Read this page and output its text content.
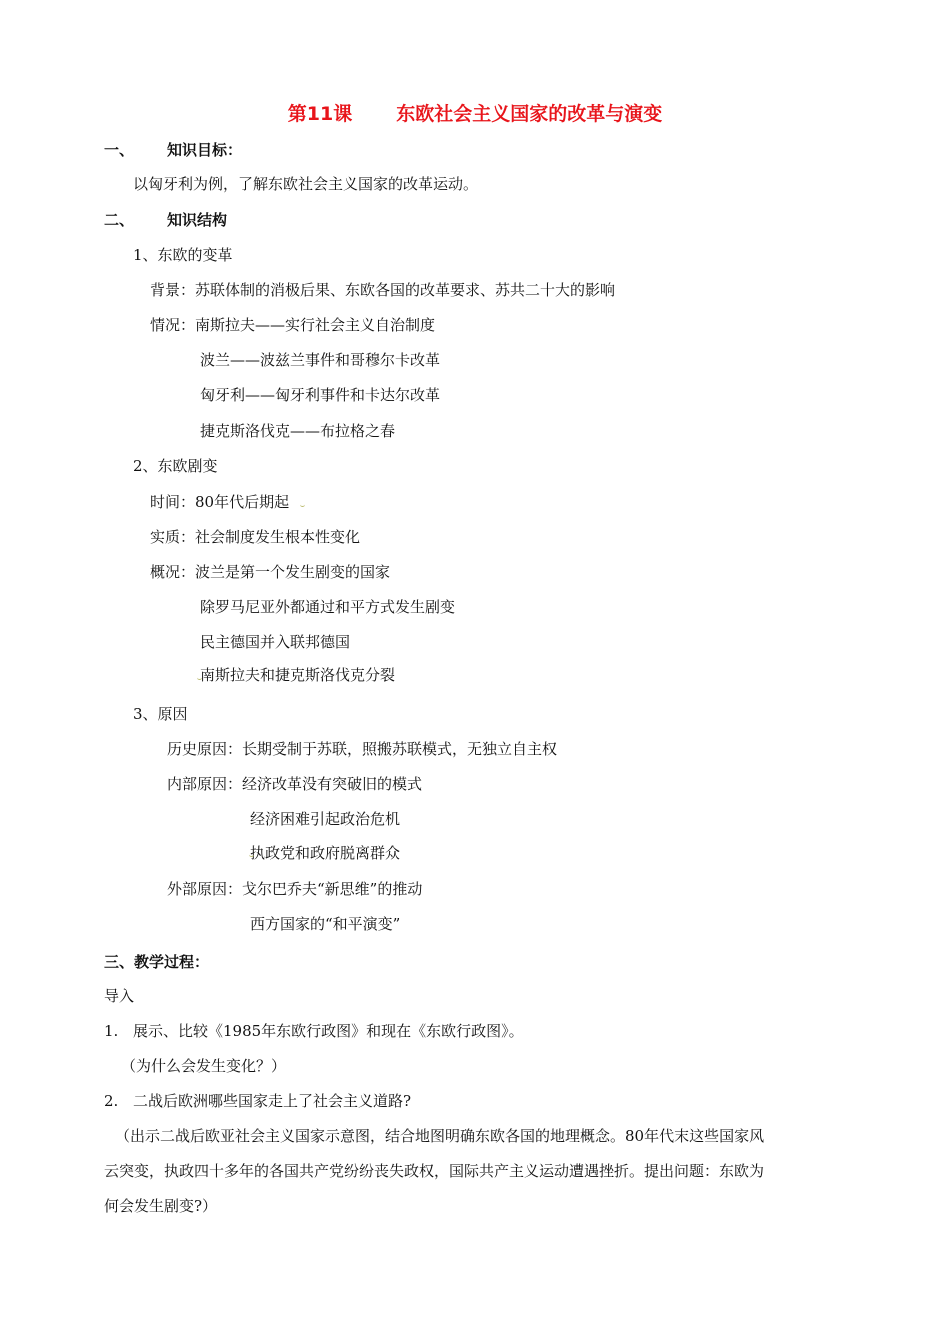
第11课 东欧社会主义国家的改革与演变
一、 知识目标：
以匈牙利为例，了解东欧社会主义国家的改革运动。
二、 知识结构
1、东欧的变革
背景：苏联体制的消极后果、东欧各国的改革要求、苏共二十大的影响
情况：南斯拉夫——实行社会主义自治制度
波兰——波兹兰事件和哥穆尔卡改革
匈牙利——匈牙利事件和卡达尔改革
捷克斯洛伐克——布拉格之春
2、东欧剧变
时间：80年代后期起
实质：社会制度发生根本性变化
概况：波兰是第一个发生剧变的国家
除罗马尼亚外都通过和平方式发生剧变
民主德国并入联邦德国
南斯拉夫和捷克斯洛伐克分裂
3、原因
历史原因：长期受制于苏联，照搬苏联模式，无独立自主权
内部原因：经济改革没有突破旧的模式
经济困难引起政治危机
执政党和政府脱离群众
外部原因：戈尔巴乔夫“新思维”的推动
西方国家的“和平演变”
三、教学过程：
导入
1. 展示、比较《1985年东欧行政图》和现在《东欧行政图》。
（为什么会发生变化？）
2. 二战后欧洲哪些国家走上了社会主义道路?
（出示二战后欧亚社会主义国家示意图，结合地图明确东欧各国的地理概念。80年代末这些国家风
云突变，执政四十多年的各国共产党纷纷丧失政权，国际共产主义运动遭遇挫折。提出问题：东欧为
何会发生剧变?）
